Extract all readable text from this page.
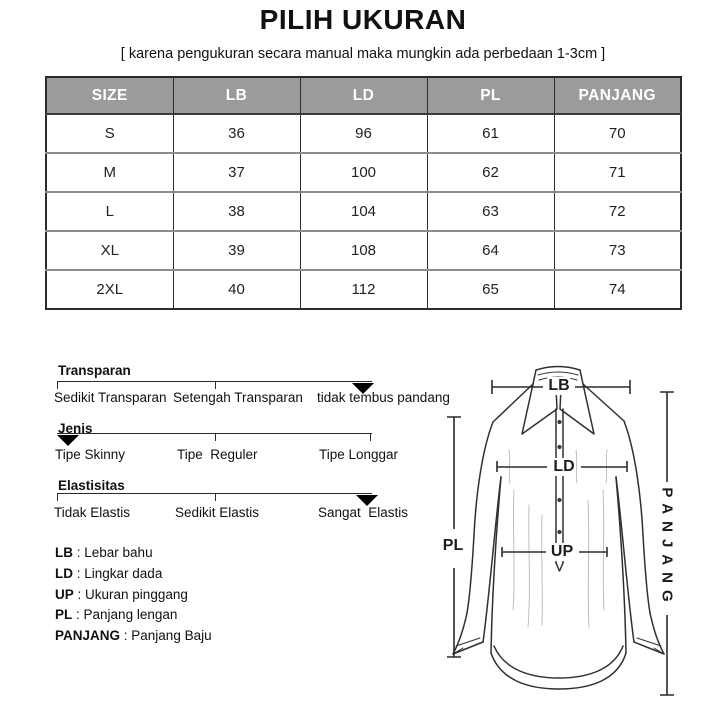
PILIH UKURAN
[ karena pengukuran secara manual maka mungkin ada perbedaan 1-3cm ]
SIZE	LB	LD	PL	PANJANG
S	36	96	61	70
M	37	100	62	71
L	38	104	63	72
XL	39	108	64	73
2XL	40	112	65	74
Transparan
Sedikit Transparan Setengah Transparan tidak tembus pandang
Jenis
Tipe Skinny	Tipe  Reguler	Tipe Longgar
Elastisitas
Tidak Elastis	Sedikit Elastis	Sangat  Elastis
LB : Lebar bahu
LD : Lingkar dada
UP : Ukuran pinggang
PL : Panjang lengan
PANJANG : Panjang Baju
LB
LD
UP
PL	PANJANG
